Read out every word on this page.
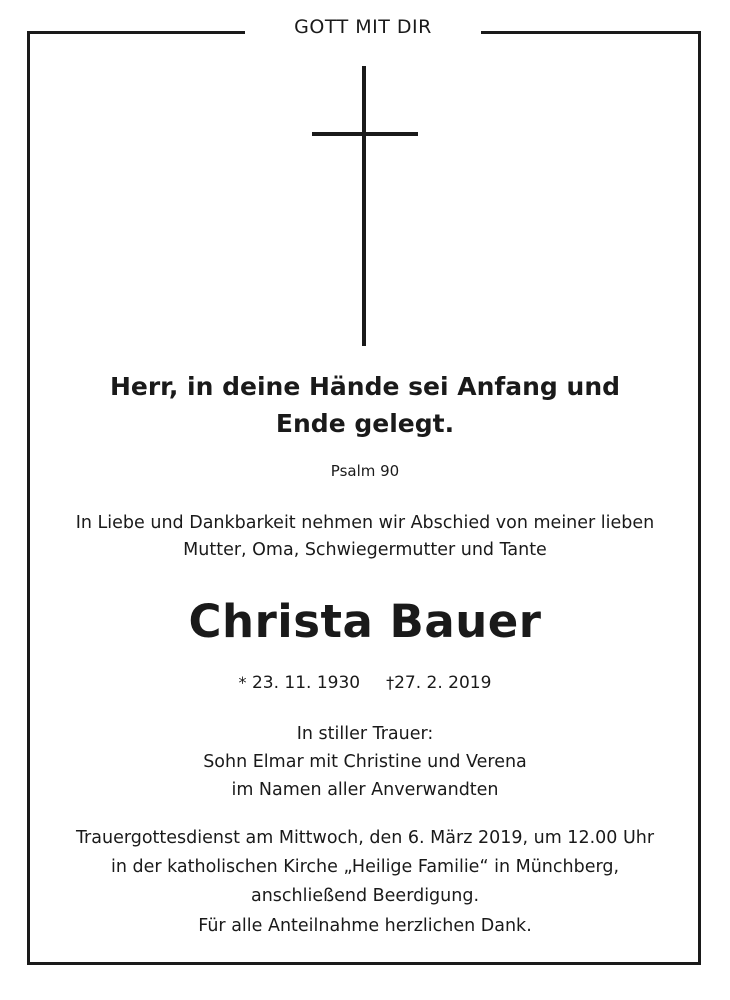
GOTT MIT DIR
Herr, in deine Hände sei Anfang und
Ende gelegt.
Psalm 90
In Liebe und Dankbarkeit nehmen wir Abschied von meiner lieben
Mutter, Oma, Schwiegermutter und Tante
Christa Bauer
* 23. 11. 1930 †27. 2. 2019
In stiller Trauer:
Sohn Elmar mit Christine und Verena
im Namen aller Anverwandten
Trauergottesdienst am Mittwoch, den 6. März 2019, um 12.00 Uhr
in der katholischen Kirche „Heilige Familie“ in Münchberg,
anschließend Beerdigung.
Für alle Anteilnahme herzlichen Dank.
